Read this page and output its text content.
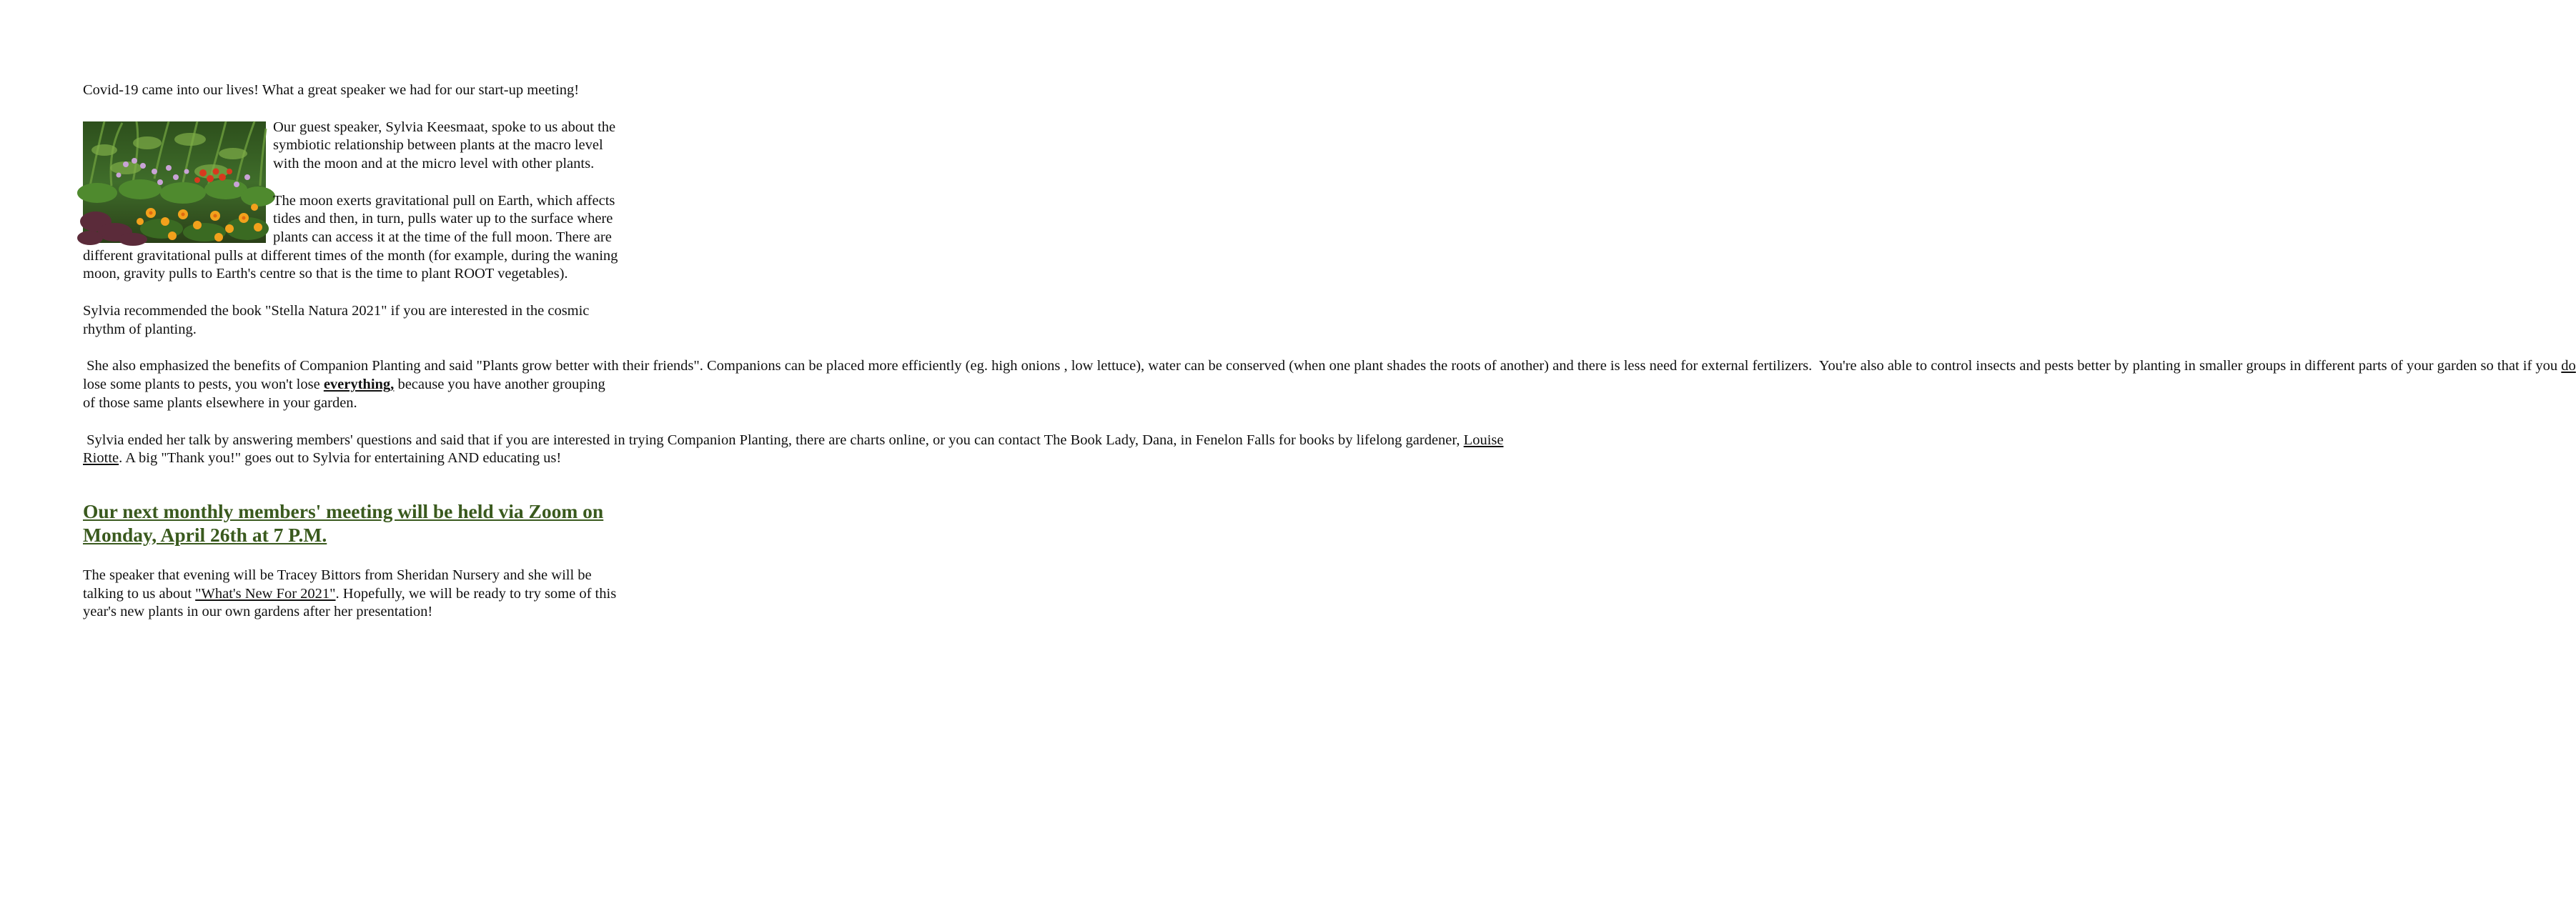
Covid-19 came into our lives! What a great speaker we had for our start-up meeting!

Our guest speaker, Sylvia Keesmaat, spoke to us about the symbiotic relationship between plants at the macro level with the moon and at the micro level with other plants.

The moon exerts gravitational pull on Earth, which affects tides and then, in turn, pulls water up to the surface where plants can access it at the time of the full moon. There are different gravitational pulls at different times of the month (for example, during the waning moon, gravity pulls to Earth's centre so that is the time to plant ROOT vegetables).

Sylvia recommended the book "Stella Natura 2021" if you are interested in the cosmic rhythm of planting.

She also emphasized the benefits of Companion Planting and said "Plants grow better with their friends". Companions can be placed more efficiently (eg. high onions , low lettuce), water can be conserved (when one plant shades the roots of another) and there is less need for external fertilizers.  You're also able to control insects and pests better by planting in smaller groups in different parts of your garden so that if you do lose some plants to pests, you won't lose everything, because you have another grouping of those same plants elsewhere in your garden.

Sylvia ended her talk by answering members' questions and said that if you are interested in trying Companion Planting, there are charts online, or you can contact The Book Lady, Dana, in Fenelon Falls for books by lifelong gardener, Louise Riotte. A big "Thank you!" goes out to Sylvia for entertaining AND educating us!

Our next monthly members' meeting will be held via Zoom on Monday, April 26th at 7 P.M.

The speaker that evening will be Tracey Bittors from Sheridan Nursery and she will be talking to us about "What's New For 2021". Hopefully, we will be ready to try some of this year's new plants in our own gardens after her presentation!
